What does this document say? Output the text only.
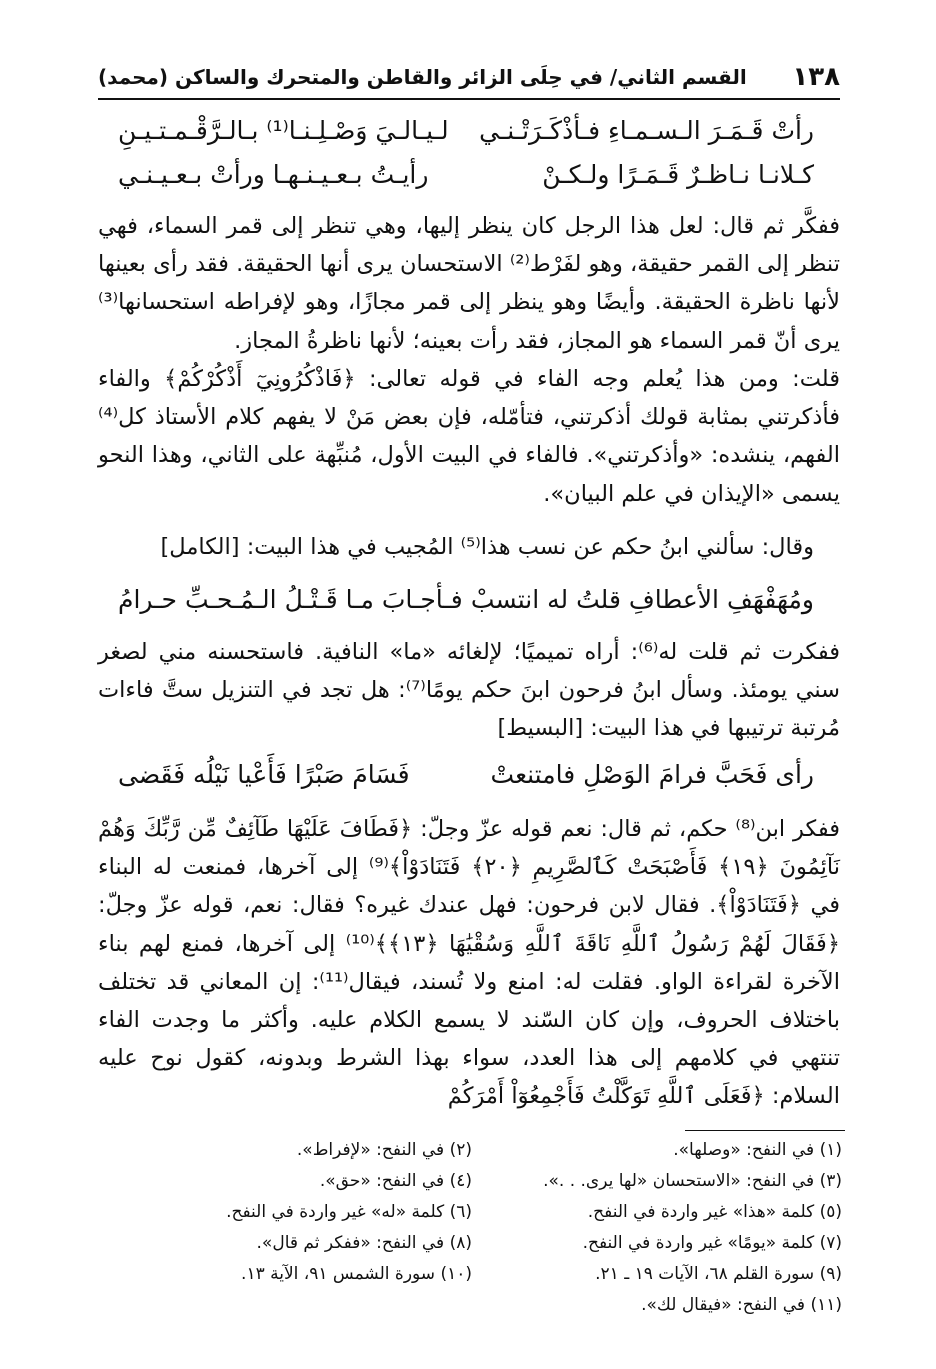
١٣٨
القسم الثاني/ في حِلَى الزائر والقاطن والمتحرك والساكن (محمد)
رأتْ قَـمَـرَ الـسـمـاءِ فـأذْكَـرَتْـنـي
لـيـالـيَ وَصْـلِـنـا⁽¹⁾ بـالـرَّقْـمـتـيـنِ
كـلانـا نـاظـرٌ قَـمَـرًا ولـكـنْ
رأيـتُ بـعـيـنـهـا ورأتْ بـعـيـنـي

ففكَّر ثم قال: لعل هذا الرجل كان ينظر إليها، وهي تنظر إلى قمر السماء، فهي تنظر إلى القمر حقيقة، وهو لفَرْط⁽²⁾ الاستحسان يرى أنها الحقيقة. فقد رأى بعينها لأنها ناظرة الحقيقة. وأيضًا وهو ينظر إلى قمر مجازًا، وهو لإفراطه استحسانها⁽³⁾ يرى أنّ قمر السماء هو المجاز، فقد رأت بعينه؛ لأنها ناظرةُ المجاز.

قلت: ومن هذا يُعلم وجه الفاء في قوله تعالى: ﴿فَاذْكُرُونِيٓ أَذْكُرْكُمْ﴾ والفاء فأذكرتني بمثابة قولك أذكرتني، فتأمّله، فإن بعض مَنْ لا يفهم كلام الأستاذ كل⁽⁴⁾ الفهم، ينشده: «وأذكرتني». فالفاء في البيت الأول، مُنبِّهة على الثاني، وهذا النحو يسمى «الإيذان في علم البيان».

وقال: سألني ابنُ حكم عن نسب هذا⁽⁵⁾ المُجيب في هذا البيت: [الكامل]
ومُهَفْهَفِ الأعطافِ قلتُ له انتسبْ
فـأجـابَ مـا قَـتْـلُ الـمُـحـبِّ حـرامُ

ففكرت ثم قلت له⁽⁶⁾: أراه تميميًا؛ لإلغائه «ما» النافية. فاستحسنه مني لصغر سني يومئذ. وسأل ابنُ فرحون ابنَ حكم يومًا⁽⁷⁾: هل تجد في التنزيل ستَّ فاءات مُرتبة ترتيبها في هذا البيت: [البسيط]

رأى فَحَبَّ فرامَ الوَصْلِ فامتنعتْ
فَسَامَ صَبْرًا فَأَعْيا نَيْلُه فَقَضى

ففكر ابن⁽⁸⁾ حكم، ثم قال: نعم قوله عزّ وجلّ: ﴿فَطَافَ عَلَيْهَا طَآئِفٌ مِّن رَّبِّكَ وَهُمْ نَآئِمُونَ ﴿١٩﴾ فَأَصْبَحَتْ كَٱلصَّرِيمِ ﴿٢٠﴾ فَتَنَادَوْاْ﴾⁽⁹⁾ إلى آخرها، فمنعت له البناء في ﴿فَتَنَادَوْاْ﴾. فقال لابن فرحون: فهل عندك غيره؟ فقال: نعم، قوله عزّ وجلّ: ﴿فَقَالَ لَهُمْ رَسُولُ ٱللَّهِ نَاقَةَ ٱللَّهِ وَسُقْيَٰهَا ﴿١٣﴾﴾⁽¹⁰⁾ إلى آخرها، فمنع لهم بناء الآخرة لقراءة الواو. فقلت له: امنع ولا تُسند، فيقال⁽¹¹⁾: إن المعاني قد تختلف باختلاف الحروف، وإن كان السّند لا يسمع الكلام عليه. وأكثر ما وجدت الفاء تنتهي في كلامهم إلى هذا العدد، سواء بهذا الشرط وبدونه، كقول نوح عليه السلام: ﴿فَعَلَى ٱللَّهِ تَوَكَّلْتُ فَأَجْمِعُوٓاْ أَمْرَكُمْ

(١) في النفح: «وصلها».
(٢) في النفح: «لإفراط».
(٣) في النفح: «الاستحسان «لها يرى. . .».
(٤) في النفح: «حق».
(٥) كلمة «هذا» غير واردة في النفح.
(٦) كلمة «له» غير واردة في النفح.
(٧) كلمة «يومًا» غير واردة في النفح.
(٨) في النفح: «ففكر ثم قال».
(٩) سورة القلم ٦٨، الآيات ١٩ ـ ٢١.
(١٠) سورة الشمس ٩١، الآية ١٣.
(١١) في النفح: «فيقال لك».
